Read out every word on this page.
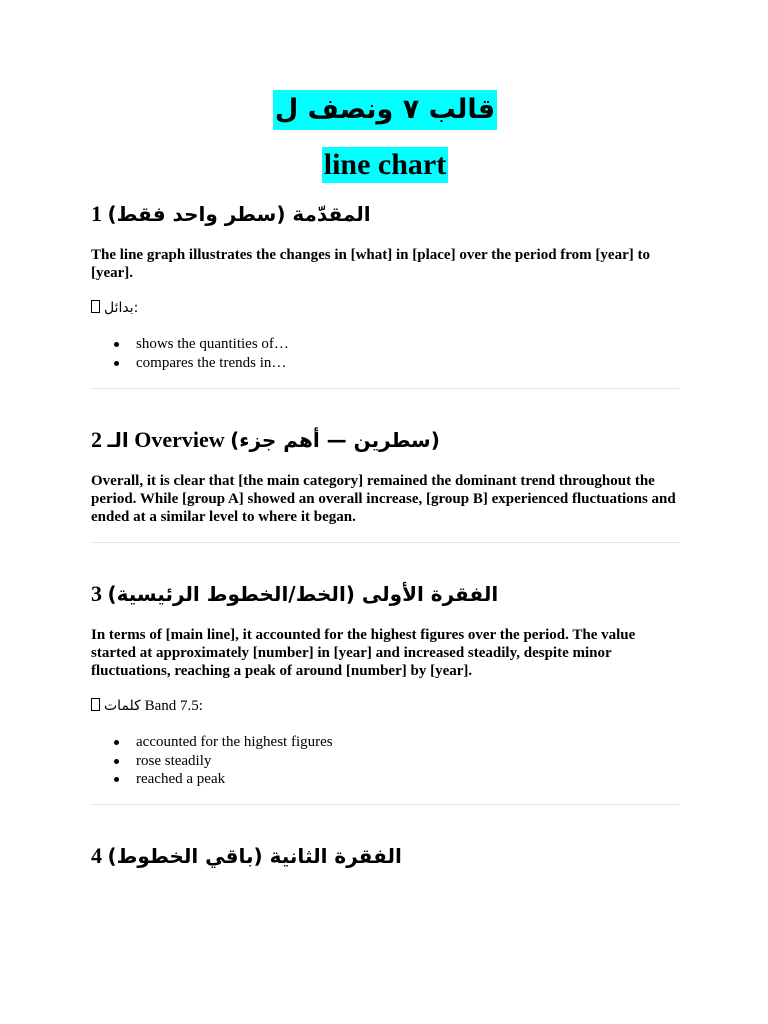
قالب ٧ ونصف ل
line chart
1 (المقدّمة (سطر واحد فقط

The line graph illustrates the changes in [what] in [place] over the period from [year] to [year].

بدائل:

shows the quantities of…
compares the trends in…
2 الـ Overview (سطرين — أهم جزء)

Overall, it is clear that [the main category] remained the dominant trend throughout the period. While [group A] showed an overall increase, [group B] experienced fluctuations and ended at a similar level to where it began.

3 (الفقرة الأولى (الخط/الخطوط الرئيسية

In terms of [main line], it accounted for the highest figures over the period. The value started at approximately [number] in [year] and increased steadily, despite minor fluctuations, reaching a peak of around [number] by [year].

كلمات Band 7.5:

accounted for the highest figures
rose steadily
reached a peak
4 (الفقرة الثانية (باقي الخطوط
